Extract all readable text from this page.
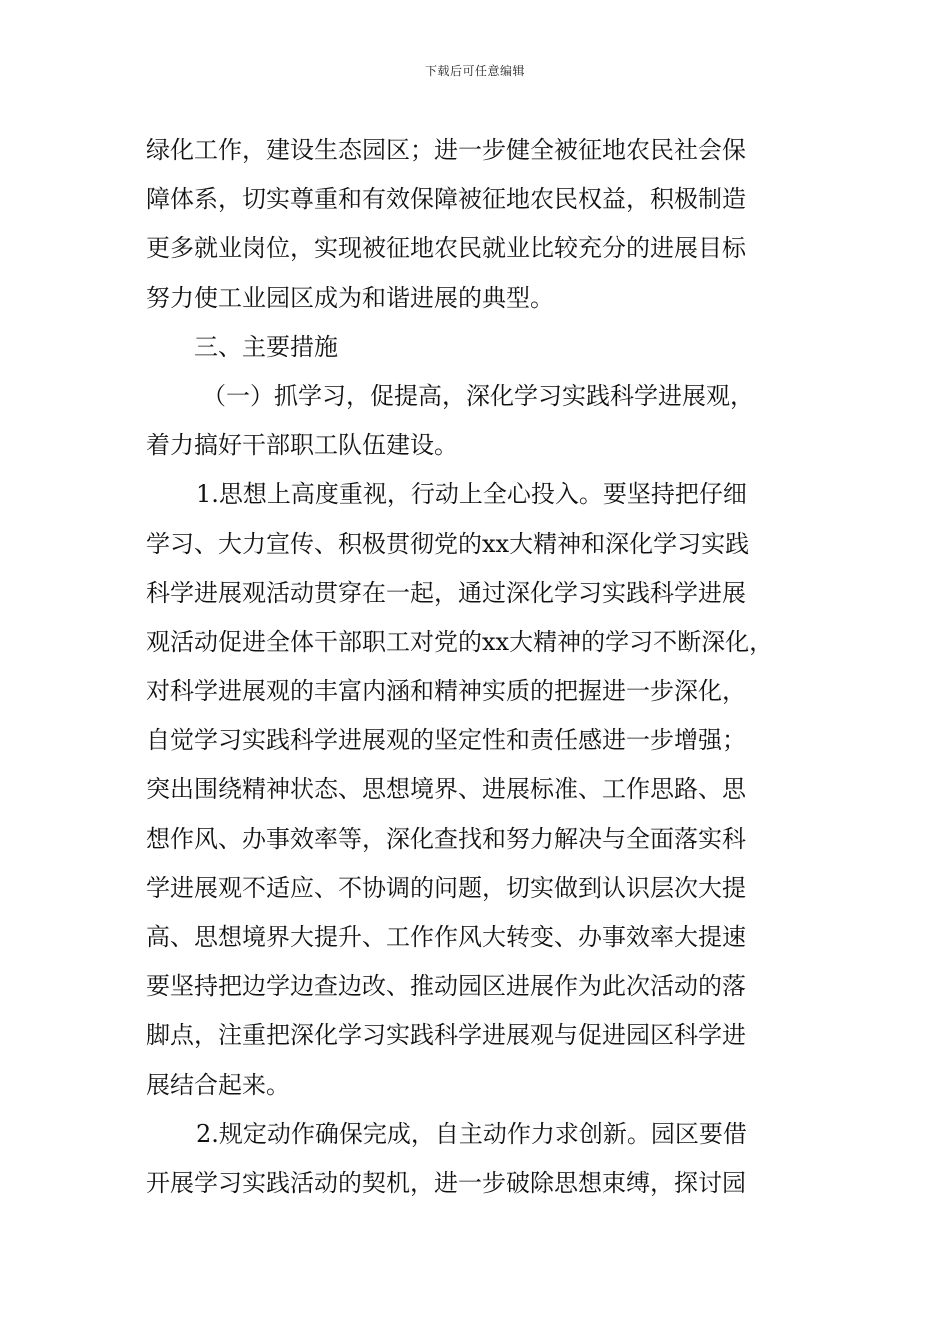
下载后可任意编辑
绿化工作，建设生态园区；进一步健全被征地农民社会保
障体系，切实尊重和有效保障被征地农民权益，积极制造
更多就业岗位，实现被征地农民就业比较充分的进展目标
努力使工业园区成为和谐进展的典型。
三、主要措施
（一）抓学习，促提高，深化学习实践科学进展观，
着力搞好干部职工队伍建设。
1.思想上高度重视，行动上全心投入。要坚持把仔细
学习、大力宣传、积极贯彻党的xx大精神和深化学习实践
科学进展观活动贯穿在一起，通过深化学习实践科学进展
观活动促进全体干部职工对党的xx大精神的学习不断深化，
对科学进展观的丰富内涵和精神实质的把握进一步深化，
自觉学习实践科学进展观的坚定性和责任感进一步增强；
突出围绕精神状态、思想境界、进展标准、工作思路、思
想作风、办事效率等，深化查找和努力解决与全面落实科
学进展观不适应、不协调的问题，切实做到认识层次大提
高、思想境界大提升、工作作风大转变、办事效率大提速
要坚持把边学边查边改、推动园区进展作为此次活动的落
脚点，注重把深化学习实践科学进展观与促进园区科学进
展结合起来。
2.规定动作确保完成，自主动作力求创新。园区要借
开展学习实践活动的契机，进一步破除思想束缚，探讨园
